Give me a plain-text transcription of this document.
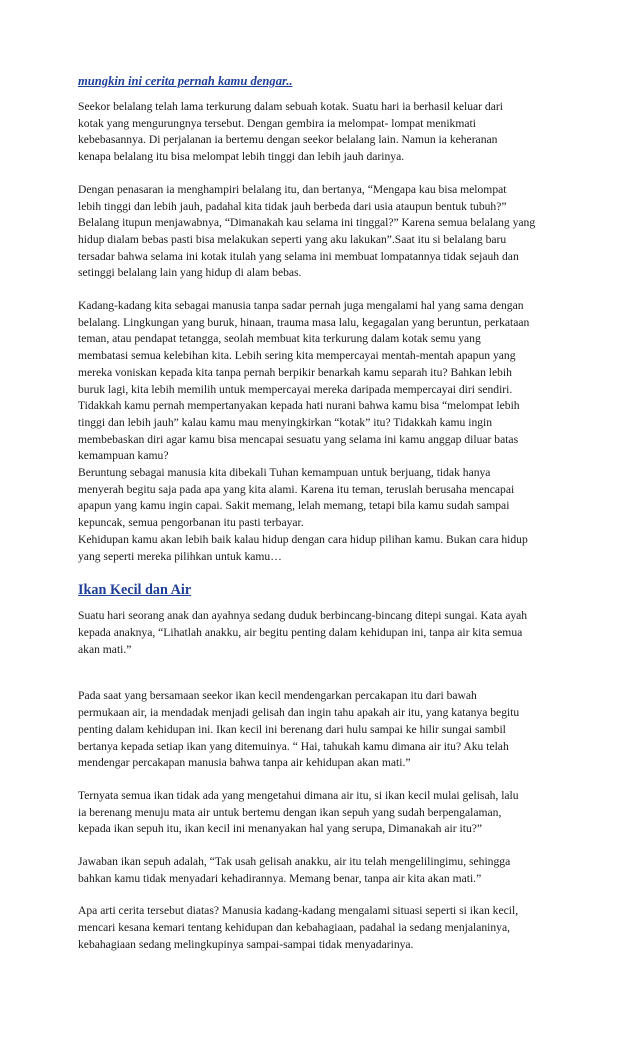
mungkin ini cerita pernah kamu dengar..

Seekor belalang telah lama terkurung dalam sebuah kotak. Suatu hari ia berhasil keluar dari
kotak yang mengurungnya tersebut. Dengan gembira ia melompat- lompat menikmati
kebebasannya. Di perjalanan ia bertemu dengan seekor belalang lain. Namun ia keheranan
kenapa belalang itu bisa melompat lebih tinggi dan lebih jauh darinya.

Dengan penasaran ia menghampiri belalang itu, dan bertanya, “Mengapa kau bisa melompat
lebih tinggi dan lebih jauh, padahal kita tidak jauh berbeda dari usia ataupun bentuk tubuh?”
Belalang itupun menjawabnya, “Dimanakah kau selama ini tinggal?” Karena semua belalang yang
hidup dialam bebas pasti bisa melakukan seperti yang aku lakukan”.Saat itu si belalang baru
tersadar bahwa selama ini kotak itulah yang selama ini membuat lompatannya tidak sejauh dan
setinggi belalang lain yang hidup di alam bebas.

Kadang-kadang kita sebagai manusia tanpa sadar pernah juga mengalami hal yang sama dengan
belalang. Lingkungan yang buruk, hinaan, trauma masa lalu, kegagalan yang beruntun, perkataan
teman, atau pendapat tetangga, seolah membuat kita terkurung dalam kotak semu yang
membatasi semua kelebihan kita. Lebih sering kita mempercayai mentah-mentah apapun yang
mereka voniskan kepada kita tanpa pernah berpikir benarkah kamu separah itu? Bahkan lebih
buruk lagi, kita lebih memilih untuk mempercayai mereka daripada mempercayai diri sendiri.
Tidakkah kamu pernah mempertanyakan kepada hati nurani bahwa kamu bisa “melompat lebih
tinggi dan lebih jauh” kalau kamu mau menyingkirkan “kotak” itu? Tidakkah kamu ingin
membebaskan diri agar kamu bisa mencapai sesuatu yang selama ini kamu anggap diluar batas
kemampuan kamu?
Beruntung sebagai manusia kita dibekali Tuhan kemampuan untuk berjuang, tidak hanya
menyerah begitu saja pada apa yang kita alami. Karena itu teman, teruslah berusaha mencapai
apapun yang kamu ingin capai. Sakit memang, lelah memang, tetapi bila kamu sudah sampai
kepuncak, semua pengorbanan itu pasti terbayar.
Kehidupan kamu akan lebih baik kalau hidup dengan cara hidup pilihan kamu. Bukan cara hidup
yang seperti mereka pilihkan untuk kamu…

Ikan Kecil dan Air

Suatu hari seorang anak dan ayahnya sedang duduk berbincang-bincang ditepi sungai. Kata ayah
kepada anaknya, “Lihatlah anakku, air begitu penting dalam kehidupan ini, tanpa air kita semua
akan mati.”

Pada saat yang bersamaan seekor ikan kecil mendengarkan percakapan itu dari bawah
permukaan air, ia mendadak menjadi gelisah dan ingin tahu apakah air itu, yang katanya begitu
penting dalam kehidupan ini. Ikan kecil ini berenang dari hulu sampai ke hilir sungai sambil
bertanya kepada setiap ikan yang ditemuinya. “ Hai, tahukah kamu dimana air itu? Aku telah
mendengar percakapan manusia bahwa tanpa air kehidupan akan mati.”

Ternyata semua ikan tidak ada yang mengetahui dimana air itu, si ikan kecil mulai gelisah, lalu
ia berenang menuju mata air untuk bertemu dengan ikan sepuh yang sudah berpengalaman,
kepada ikan sepuh itu, ikan kecil ini menanyakan hal yang serupa, Dimanakah air itu?”

Jawaban ikan sepuh adalah, “Tak usah gelisah anakku, air itu telah mengelilingimu, sehingga
bahkan kamu tidak menyadari kehadirannya. Memang benar, tanpa air kita akan mati.”

Apa arti cerita tersebut diatas? Manusia kadang-kadang mengalami situasi seperti si ikan kecil,
mencari kesana kemari tentang kehidupan dan kebahagiaan, padahal ia sedang menjalaninya,
kebahagiaan sedang melingkupinya sampai-sampai tidak menyadarinya.
